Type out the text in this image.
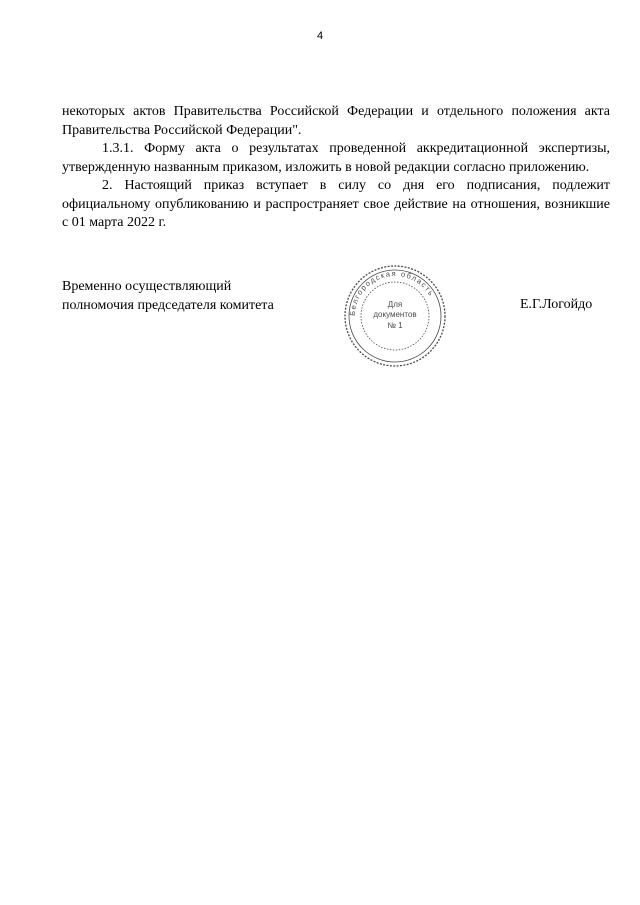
4

некоторых актов Правительства Российской Федерации и отдельного положения акта Правительства Российской Федерации".

1.3.1. Форму акта о результатах проведенной аккредитационной экспертизы, утвержденную названным приказом, изложить в новой редакции согласно приложению.

2. Настоящий приказ вступает в силу со дня его подписания, подлежит официальному опубликованию и распространяет свое действие на отношения, возникшие с 01 марта 2022 г.

Временно осуществляющий
полномочия председателя комитета	Е.Г.Логойдо
Белгородская область
Для
документов
№ 1
